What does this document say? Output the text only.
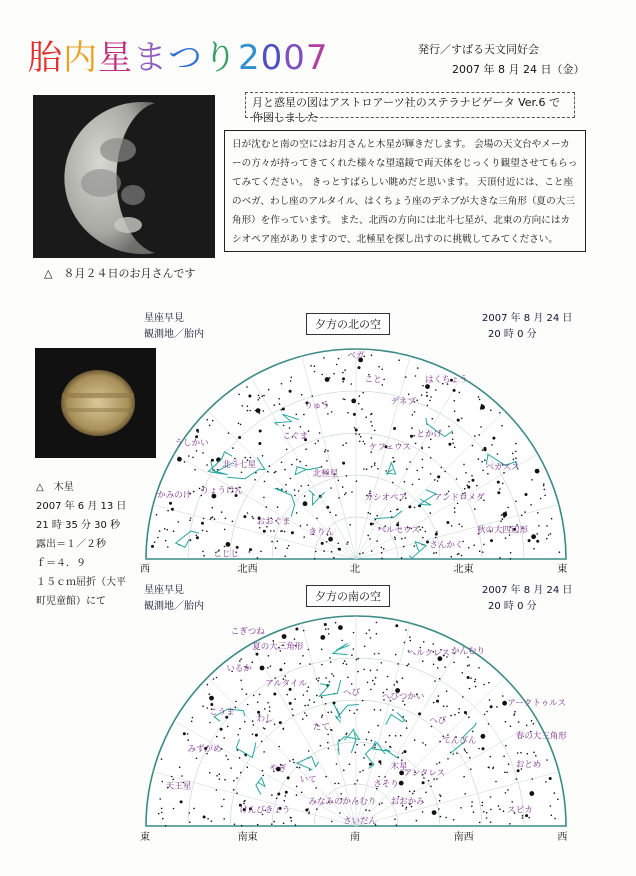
胎内星まつり2007	発行／すばる天文同好会
2007 年 8 月 24 日（金）
月と惑星の図はアストロアーツ社のステラナビゲータ Ver.6 で作図しました
日が沈むと南の空にはお月さんと木星が輝きだします。 会場の天文台やメーカーの方々が持ってきてくれた様々な望遠鏡で両天体をじっくり観望させてもらってみてください。 きっとすばらしい眺めだと思います。 天頂付近には、こと座のベガ、わし座のアルタイル、はくちょう座のデネブが大きな三角形（夏の大三角形）を作っています。 また、北西の方向には北斗七星が、北東の方向にはカシオペア座がありますので、北極星を探し出すのに挑戦してみてください。
△　８月２４日のお月さんです
△　木星
2007 年 6 月 13 日
21 時 35 分 30 秒
露出＝１／２秒
ｆ＝４．９
１５ｃｍ屈折（大平
町児童館）にて
星座早見
観測地／胎内
夕方の北の空	2007 年 8 月 24 日
20 時 0 分
ベガ
こと	はくちょう
デネブ
りゅう
うしかい
こぐま
ケフェウス
とかげ
北斗七星
北極星
ペガスス
りょうけん
かみのけ	カシオペア	アンドロメダ
おおぐま
きりん	ペルセウス	秋の大四辺形
さんかく
こじし
西	北西	北	北東	東
星座早見
観測地／胎内
夕方の南の空	2007 年 8 月 24 日
20 時 0 分
こぎつね
夏の大三角形
ヘルクレス かんむり
いるか
アルタイル
へび	へびつかい
アークトゥルス
こうま
わし
たて
へび
てんびん	春の大三角形
おとめ
みずがめ
木星
やぎ
いて	さそり
アンタレス
天王星
みなみのかんむり おおかみ
けんびきょう
さいだん
スピカ
東	南東	南	南西	西
